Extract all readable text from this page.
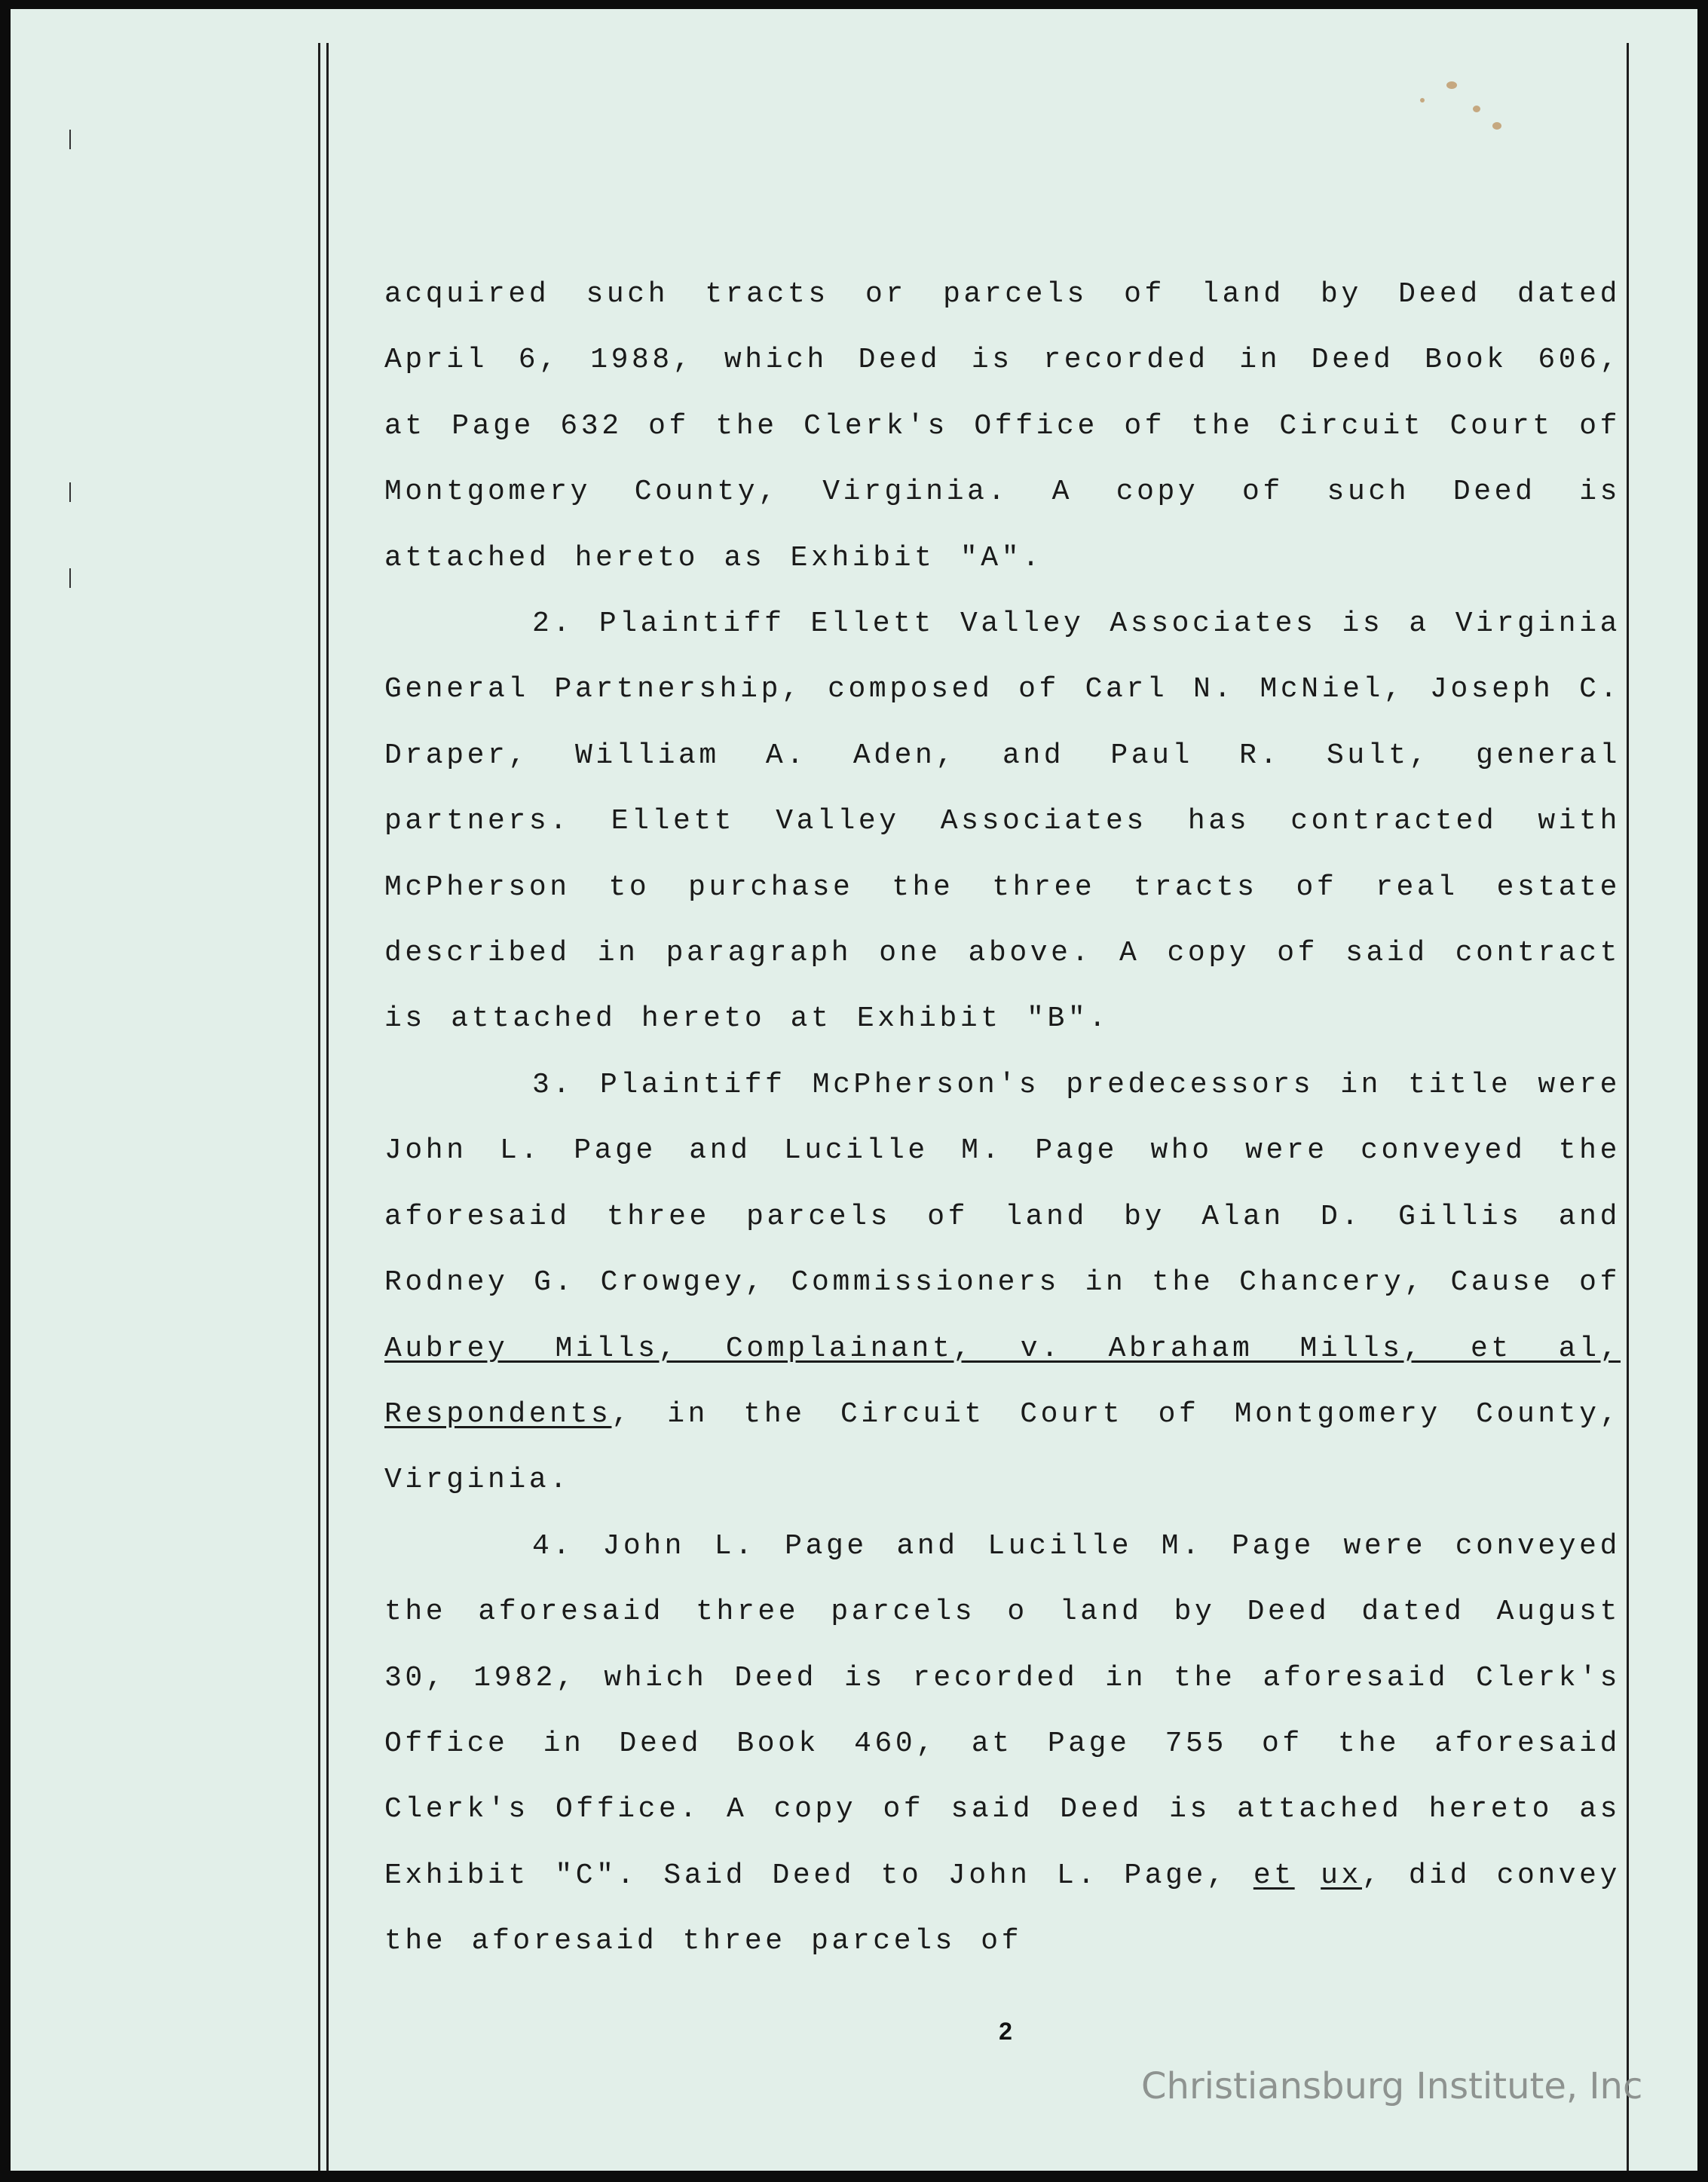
acquired such tracts or parcels of land by Deed dated April 6, 1988, which Deed is recorded in Deed Book 606, at Page 632 of the Clerk's Office of the Circuit Court of Montgomery County, Virginia. A copy of such Deed is attached hereto as Exhibit "A".

2. Plaintiff Ellett Valley Associates is a Virginia General Partnership, composed of Carl N. McNiel, Joseph C. Draper, William A. Aden, and Paul R. Sult, general partners. Ellett Valley Associates has contracted with McPherson to purchase the three tracts of real estate described in paragraph one above. A copy of said contract is attached hereto at Exhibit "B".

3. Plaintiff McPherson's predecessors in title were John L. Page and Lucille M. Page who were conveyed the aforesaid three parcels of land by Alan D. Gillis and Rodney G. Crowgey, Commissioners in the Chancery, Cause of Aubrey Mills, Complainant, v. Abraham Mills, et al, Respondents, in the Circuit Court of Montgomery County, Virginia.

4. John L. Page and Lucille M. Page were conveyed the aforesaid three parcels o land by Deed dated August 30, 1982, which Deed is recorded in the aforesaid Clerk's Office in Deed Book 460, at Page 755 of the aforesaid Clerk's Office. A copy of said Deed is attached hereto as Exhibit "C". Said Deed to John L. Page, et ux, did convey the aforesaid three parcels of

2
Christiansburg Institute, Inc
